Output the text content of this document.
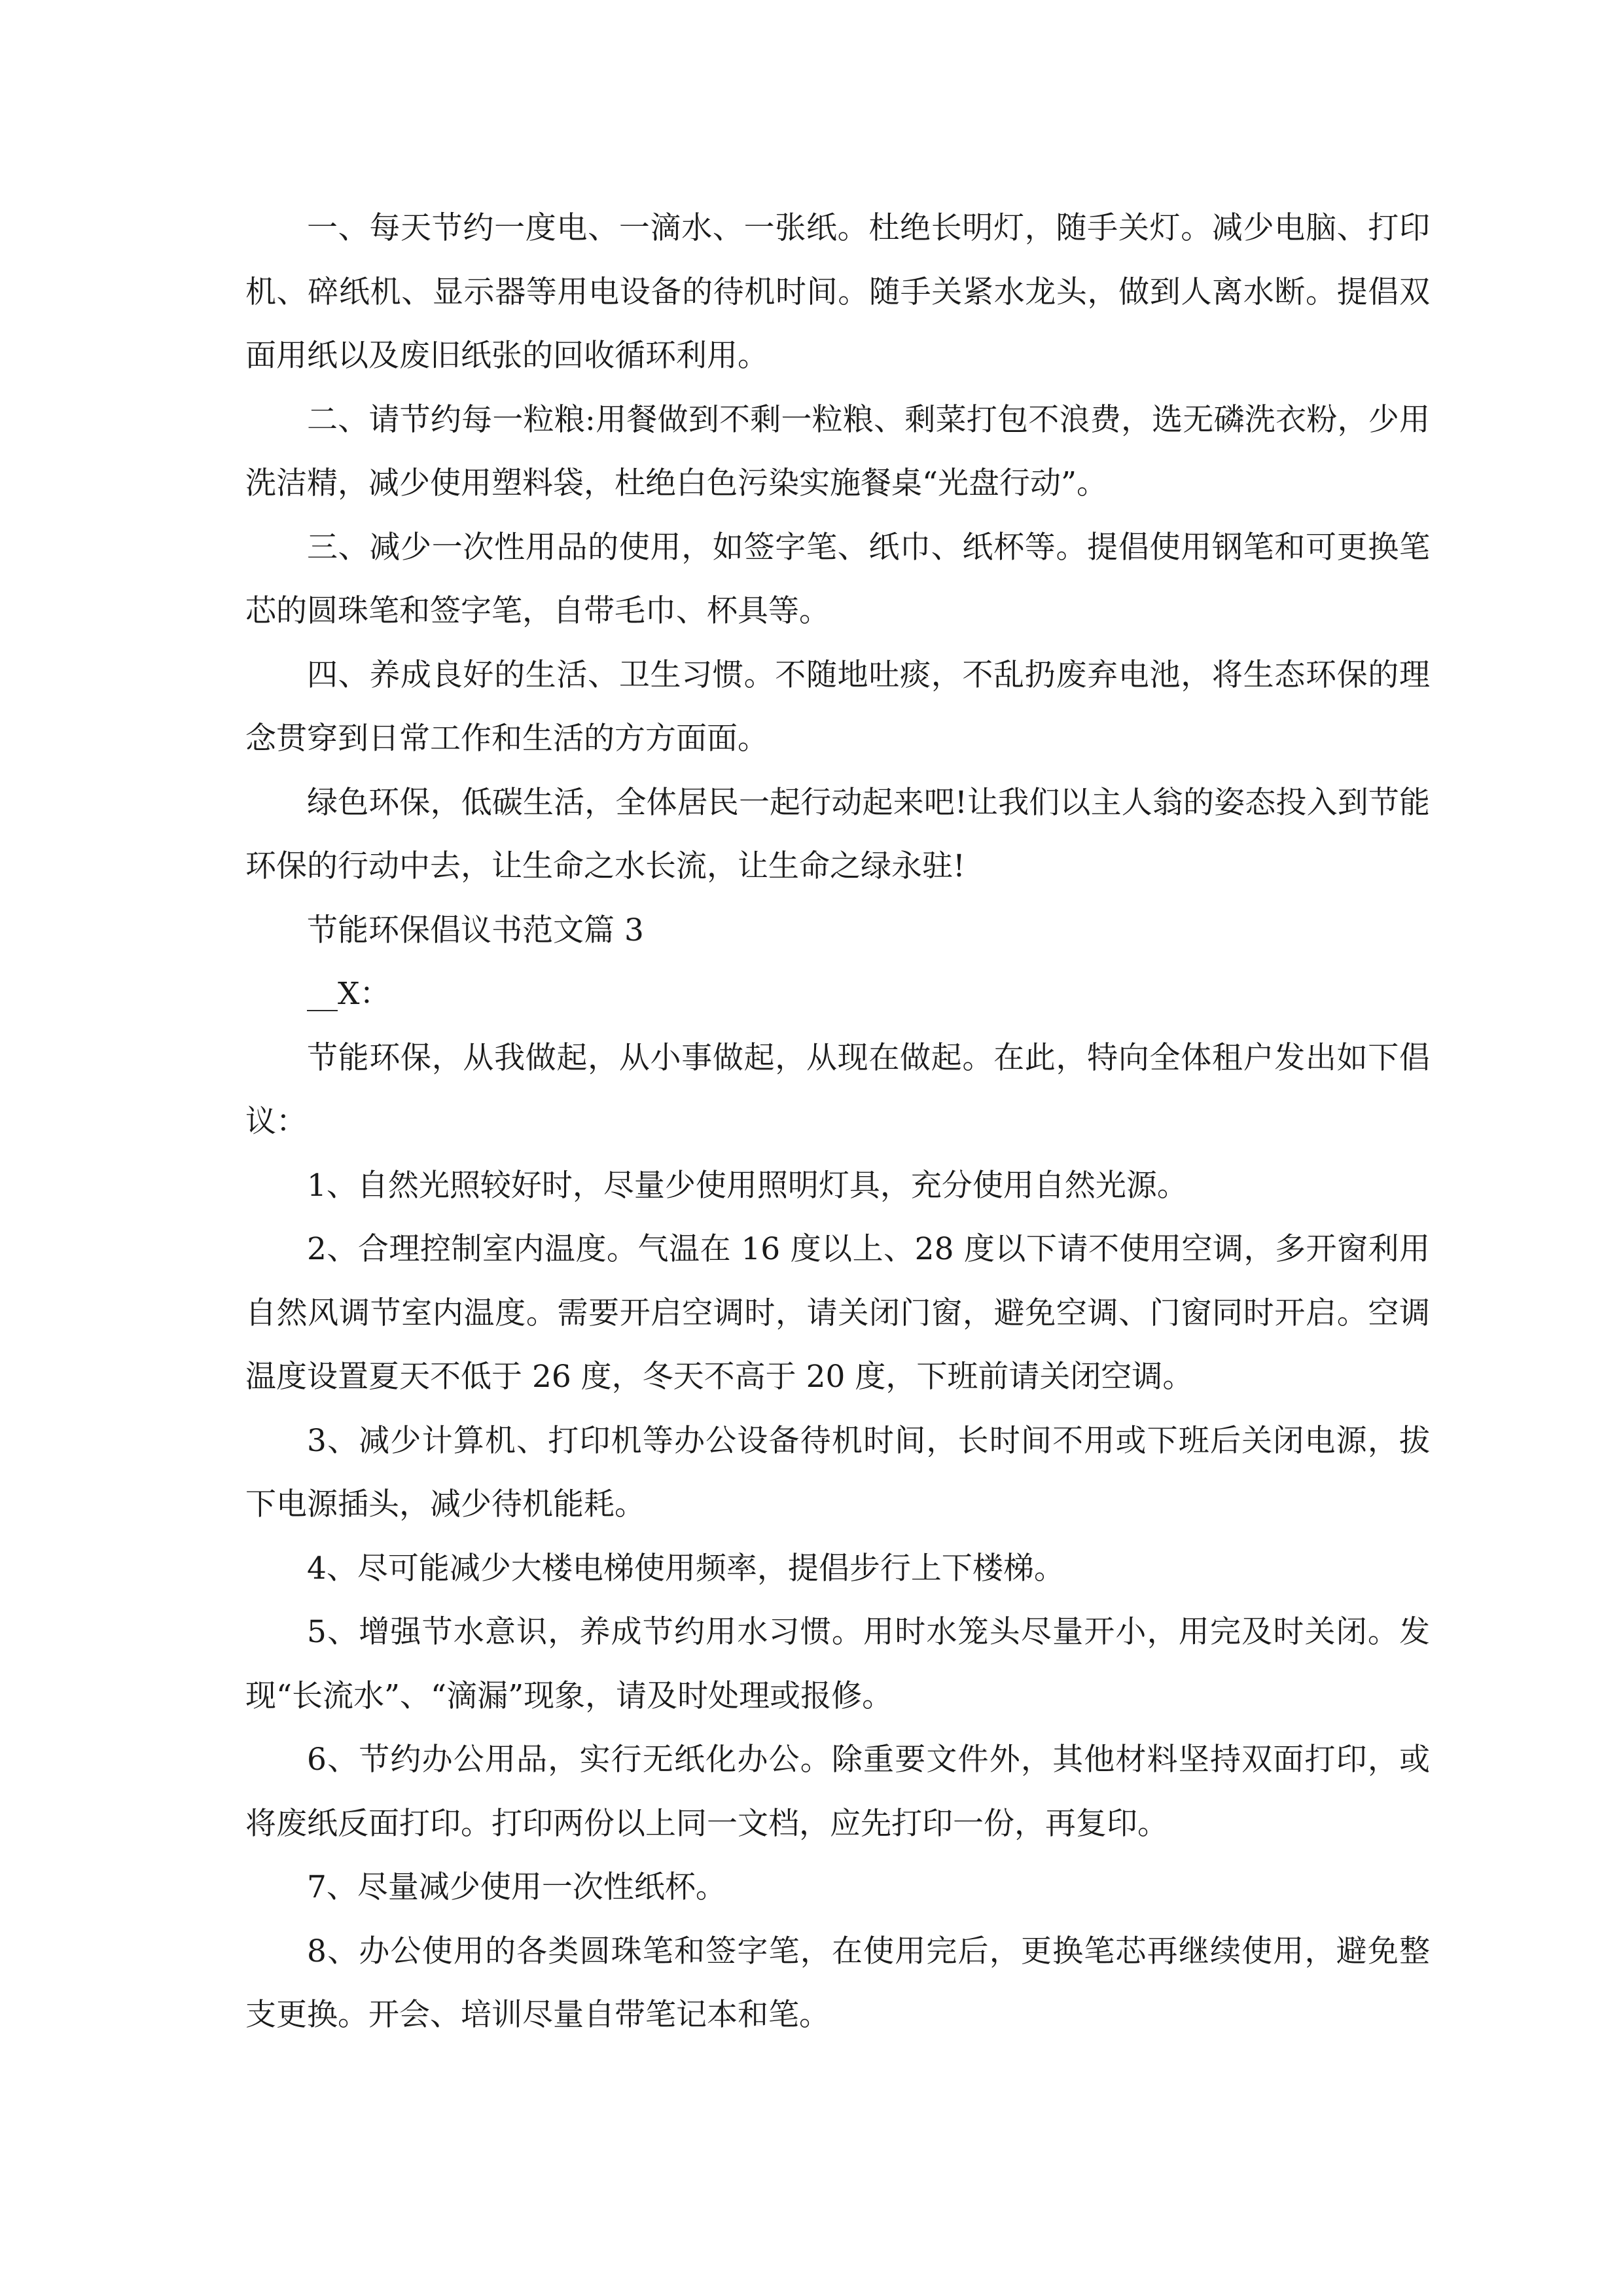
一、每天节约一度电、一滴水、一张纸。杜绝长明灯，随手关灯。减少电脑、打印机、碎纸机、显示器等用电设备的待机时间。随手关紧水龙头，做到人离水断。提倡双面用纸以及废旧纸张的回收循环利用。

二、请节约每一粒粮:用餐做到不剩一粒粮、剩菜打包不浪费，选无磷洗衣粉，少用洗洁精，减少使用塑料袋，杜绝白色污染实施餐桌“光盘行动”。

三、减少一次性用品的使用，如签字笔、纸巾、纸杯等。提倡使用钢笔和可更换笔芯的圆珠笔和签字笔，自带毛巾、杯具等。

四、养成良好的生活、卫生习惯。不随地吐痰，不乱扔废弃电池，将生态环保的理念贯穿到日常工作和生活的方方面面。

绿色环保，低碳生活，全体居民一起行动起来吧!让我们以主人翁的姿态投入到节能环保的行动中去，让生命之水长流，让生命之绿永驻!

节能环保倡议书范文篇 3

__X：

节能环保，从我做起，从小事做起，从现在做起。在此，特向全体租户发出如下倡议：

1、自然光照较好时，尽量少使用照明灯具，充分使用自然光源。

2、合理控制室内温度。气温在 16 度以上、28 度以下请不使用空调，多开窗利用自然风调节室内温度。需要开启空调时，请关闭门窗，避免空调、门窗同时开启。空调温度设置夏天不低于 26 度，冬天不高于 20 度，下班前请关闭空调。

3、减少计算机、打印机等办公设备待机时间，长时间不用或下班后关闭电源，拔下电源插头，减少待机能耗。

4、尽可能减少大楼电梯使用频率，提倡步行上下楼梯。

5、增强节水意识，养成节约用水习惯。用时水笼头尽量开小，用完及时关闭。发现“长流水”、“滴漏”现象，请及时处理或报修。

6、节约办公用品，实行无纸化办公。除重要文件外，其他材料坚持双面打印，或将废纸反面打印。打印两份以上同一文档，应先打印一份，再复印。

7、尽量减少使用一次性纸杯。

8、办公使用的各类圆珠笔和签字笔，在使用完后，更换笔芯再继续使用，避免整支更换。开会、培训尽量自带笔记本和笔。
